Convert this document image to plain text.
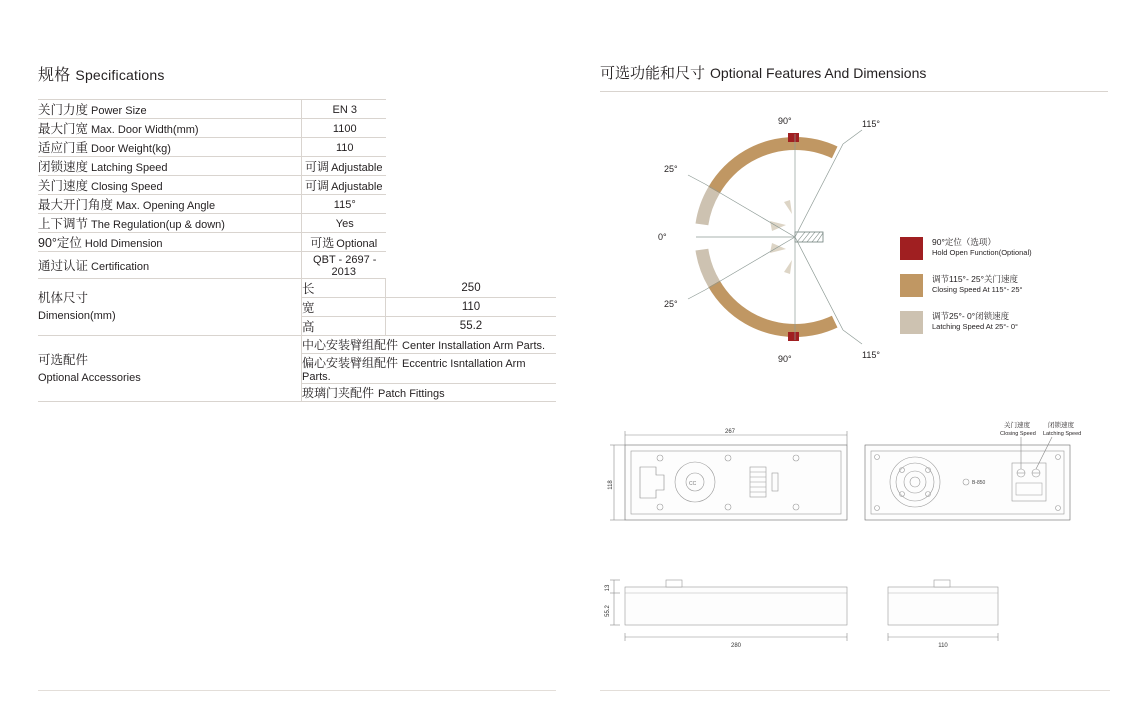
规格 Specifications
关门力度 Power Size	EN 3	
最大门宽 Max. Door Width(mm)	1100	
适应门重 Door Weight(kg)	110	
闭锁速度 Latching Speed	可调 Adjustable	
关门速度 Closing Speed	可调 Adjustable	
最大开门角度 Max. Opening Angle	115°	
上下调节 The Regulation(up & down)	Yes	
90°定位 Hold Dimension	可选 Optional	
通过认证 Certification	QBT - 2697 - 2013	

机体尺寸
Dimension(mm)	长	250
	宽	110
	高	55.2

可选配件
Optional Accessories	中心安装臂组配件 Center Installation Arm Parts.	
	偏心安装臂组配件 Eccentric Isntallation Arm Parts.	
	玻璃门夹配件 Patch Fittings	
可选功能和尺寸 Optional Features And Dimensions
90°	115°
25°
0°
25°
90°	115°
90°定位（选项）
Hold Open Function(Optional)
调节115°- 25°关门速度
Closing Speed At 115°- 25°
调节25°- 0°闭锁速度
Latching Speed At 25°- 0°
CC
267
118	B-850
关门速度
Closing Speed
闭锁速度
Latching Speed
13
55.2
280	110
